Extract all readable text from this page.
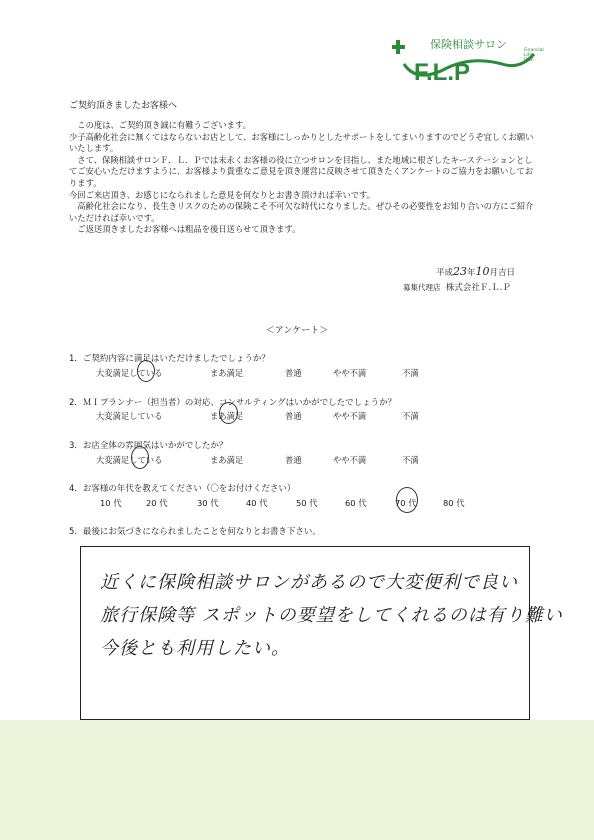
保険相談サロン
F.L.P
Financial
Life
Plan
ご契約頂きましたお客様へ

　この度は、ご契約頂き誠に有難うございます。

少子高齢化社会に無くてはならないお店として、お客様にしっかりとしたサポートをしてまいりますのでどうぞ宜しくお願いいたします。

　さて、保険相談サロンＦ．Ｌ．Ｐでは末永くお客様の役に立つサロンを目指し、また地域に根ざしたキーステーションとしてご安心いただけますように、お客様より貴重なご意見を頂き運営に反映させて頂きたくアンケートのご協力をお願いしております。

今回ご来店頂き、お感じになられました意見を何なりとお書き頂ければ幸いです。

　高齢化社会になり、長生きリスクのための保険こそ不可欠な時代になりました。ぜひその必要性をお知り合いの方にご紹介いただければ幸いです。

　ご返送頂きましたお客様へは粗品を後日送らせて頂きます。

平成23年10月吉日
募集代理店 株式会社Ｆ.Ｌ.Ｐ
＜アンケート＞
1．ご契約内容に満足はいただけましたでしょうか？
大変満足している	まあ満足	普通	やや不満	不満
2．ＭＩプランナー（担当者）の対応、コンサルティングはいかがでしたでしょうか？
大変満足している	まあ満足	普通	やや不満	不満
3．お店全体の雰囲気はいかがでしたか？
大変満足している	まあ満足	普通	やや不満	不満
4．お客様の年代を教えてください（〇をお付けください）
10 代	20 代	30 代	40 代	50 代	60 代	70 代	80 代
5．最後にお気づきになられましたことを何なりとお書き下さい。
近くに保険相談サロンがあるので大変便利で良い
旅行保険等 スポットの要望をしてくれるのは有り難い
今後とも利用したい。
